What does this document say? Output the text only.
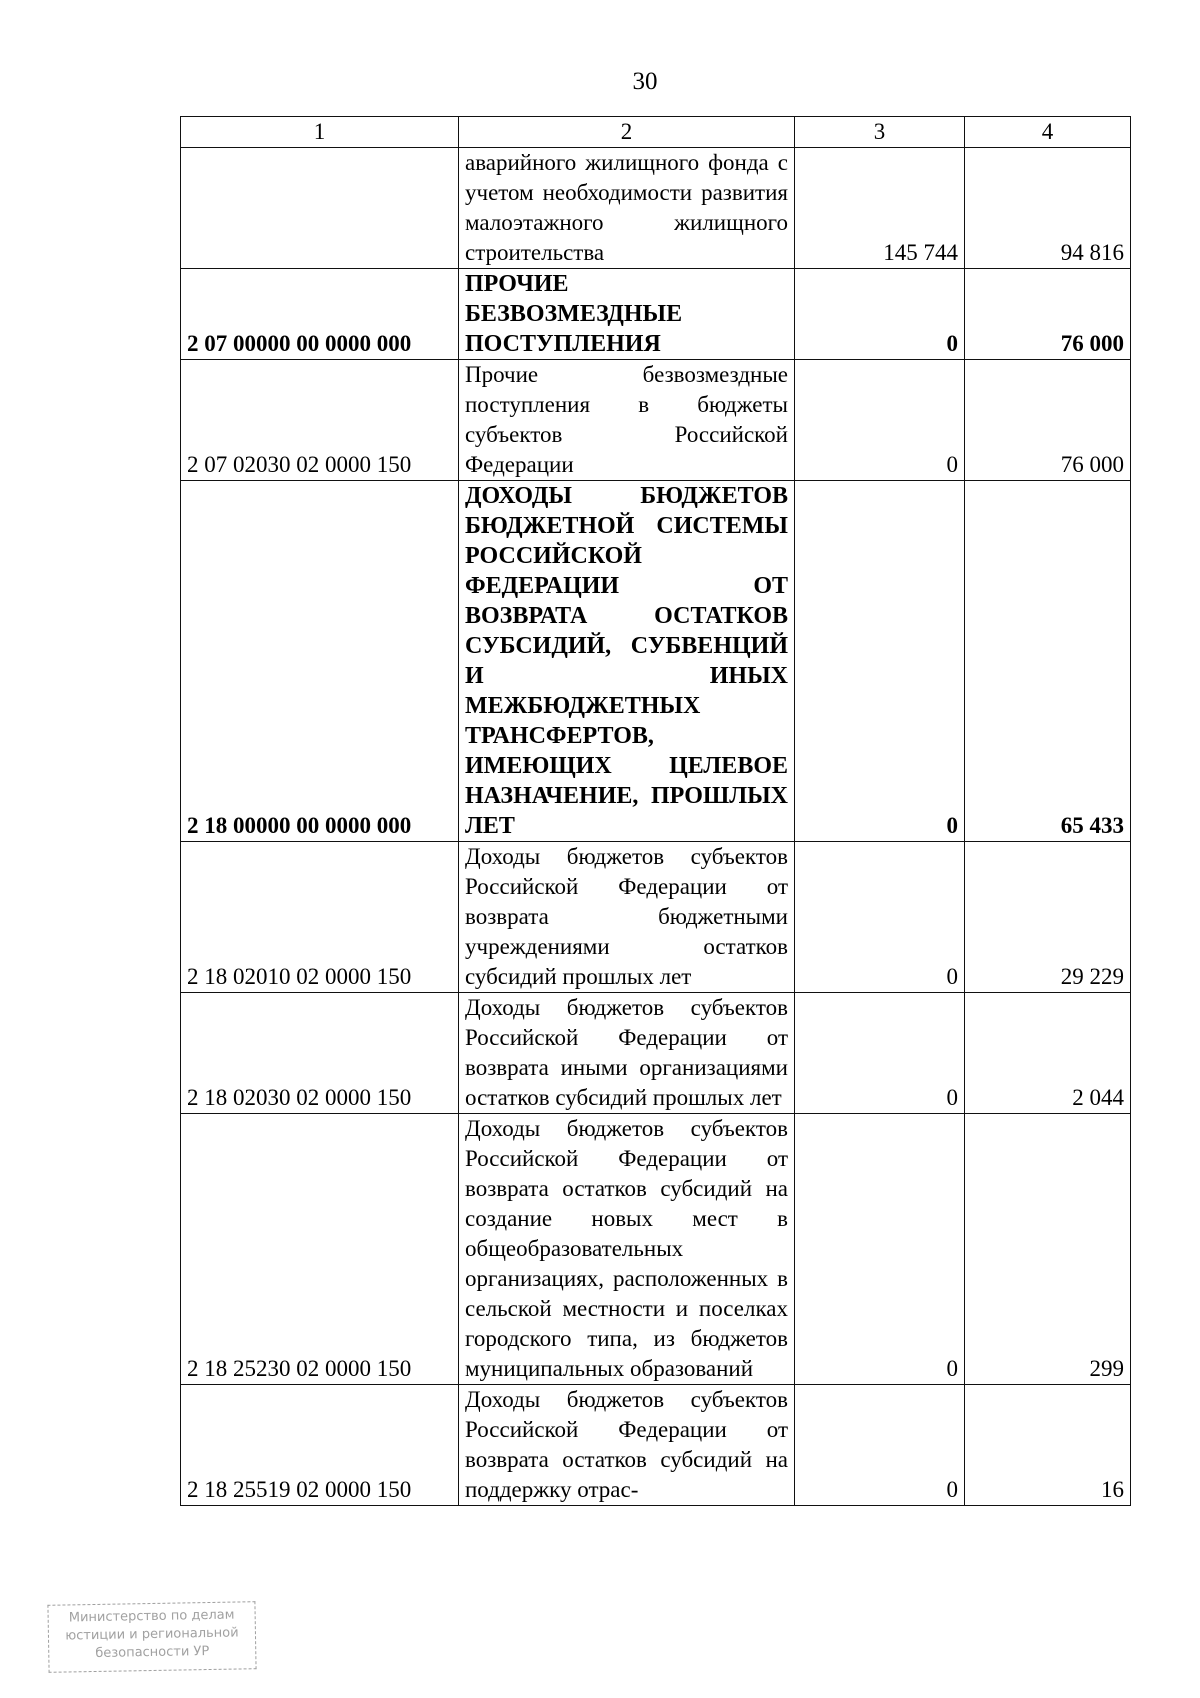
30
1	2	3	4
	аварийного жилищного фонда с учетом необходимости развития малоэтажного жилищного строительства	145 744	94 816
2 07 00000 00 0000 000	ПРОЧИЕ БЕЗВОЗМЕЗДНЫЕ ПОСТУПЛЕНИЯ	0	76 000
2 07 02030 02 0000 150	Прочие безвозмездные поступления в бюджеты субъектов Российской Федерации	0	76 000
2 18 00000 00 0000 000	ДОХОДЫ БЮДЖЕТОВ БЮДЖЕТНОЙ СИСТЕМЫ РОССИЙСКОЙ ФЕДЕРАЦИИ ОТ ВОЗВРАТА ОСТАТКОВ СУБСИДИЙ, СУБВЕНЦИЙ И ИНЫХ МЕЖБЮДЖЕТНЫХ ТРАНСФЕРТОВ, ИМЕЮЩИХ ЦЕЛЕВОЕ НАЗНАЧЕНИЕ, ПРОШЛЫХ ЛЕТ	0	65 433
2 18 02010 02 0000 150	Доходы бюджетов субъектов Российской Федерации от возврата бюджетными учреждениями остатков субсидий прошлых лет	0	29 229
2 18 02030 02 0000 150	Доходы бюджетов субъектов Российской Федерации от возврата иными организациями остатков субсидий прошлых лет	0	2 044
2 18 25230 02 0000 150	Доходы бюджетов субъектов Российской Федерации от возврата остатков субсидий на создание новых мест в общеобразовательных организациях, расположенных в сельской местности и поселках городского типа, из бюджетов муниципальных образований	0	299
2 18 25519 02 0000 150	Доходы бюджетов субъектов Российской Федерации от возврата остатков субсидий на поддержку отрас-	0	16
Министерство по делам
юстиции и региональной
безопасности УР
